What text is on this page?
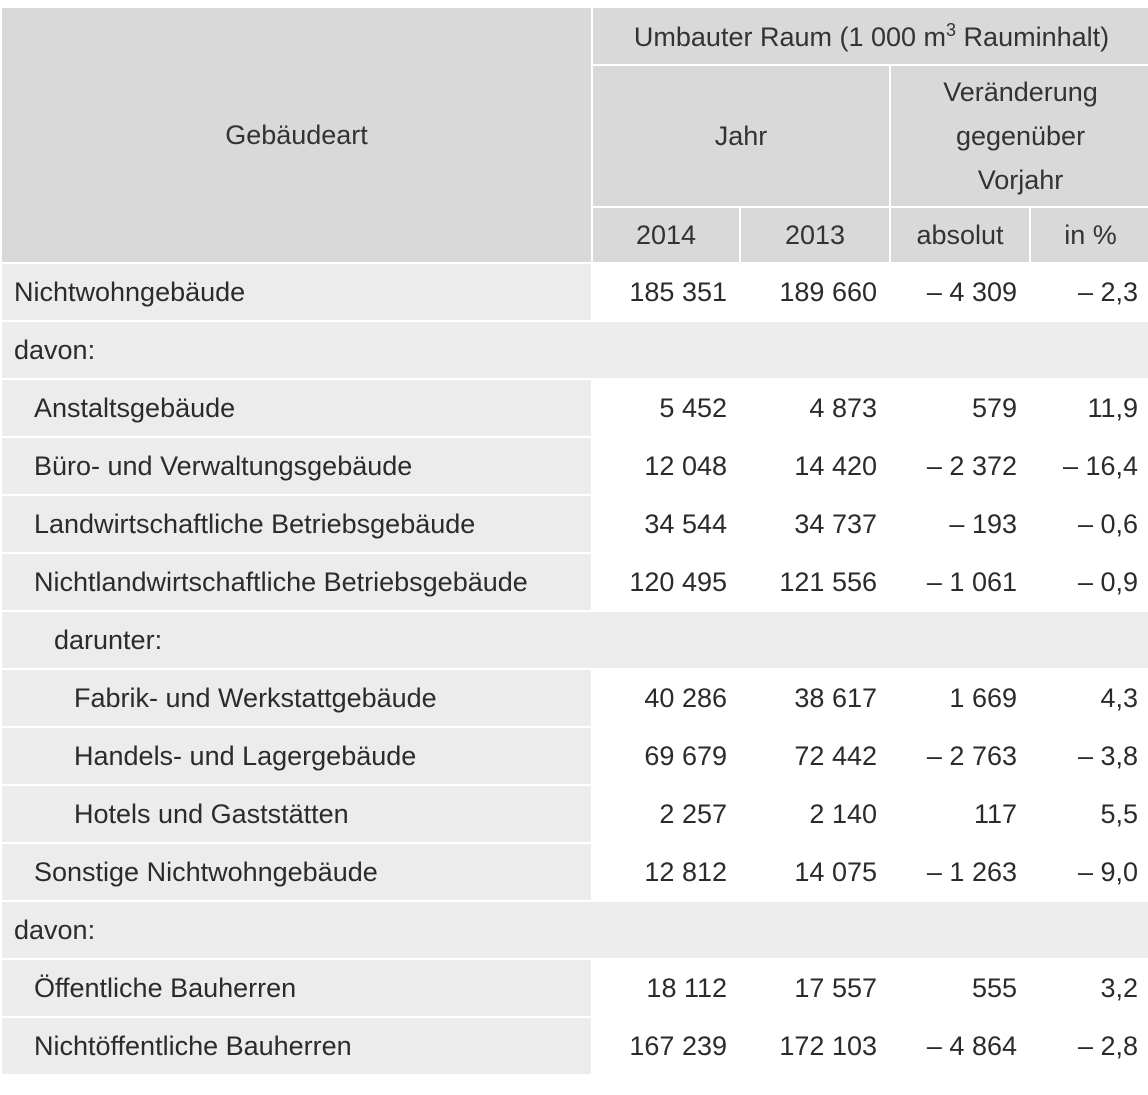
Gebäudeart	Umbauter Raum (1 000 $m^3$ Rauminhalt)			
	Jahr		Veränderung
gegenüber
Vorjahr	
	2014	2013	absolut	in %
Nichtwohngebäude	185 351	189 660	– 4 309	– 2,3
davon:				
Anstaltsgebäude	5 452	4 873	579	11,9
Büro- und Verwaltungsgebäude	12 048	14 420	– 2 372	– 16,4
Landwirtschaftliche Betriebsgebäude	34 544	34 737	– 193	– 0,6
Nichtlandwirtschaftliche Betriebsgebäude	120 495	121 556	– 1 061	– 0,9
darunter:				
Fabrik- und Werkstattgebäude	40 286	38 617	1 669	4,3
Handels- und Lagergebäude	69 679	72 442	– 2 763	– 3,8
Hotels und Gaststätten	2 257	2 140	117	5,5
Sonstige Nichtwohngebäude	12 812	14 075	– 1 263	– 9,0
davon:				
Öffentliche Bauherren	18 112	17 557	555	3,2
Nichtöffentliche Bauherren	167 239	172 103	– 4 864	– 2,8
